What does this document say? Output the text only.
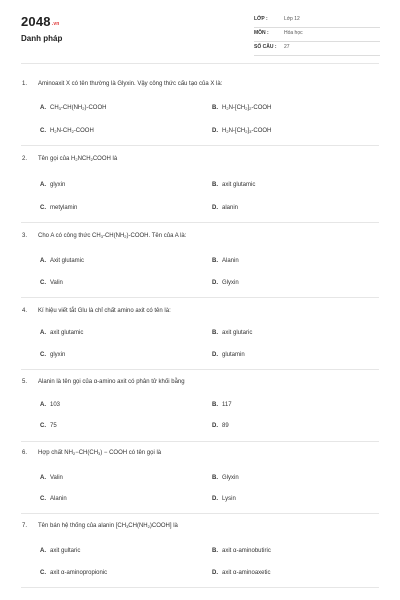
$2048_{.vn}$
Danh pháp
LỚP :	Lớp 12
MÔN :	Hóa học
SỐ CÂU : 27
1. Aminoaxit X có tên thường là Glyxin. Vậy công thức cấu tạo của X là:
A. $CH_3-CH(NH_2)$-COOH	B. $H_2N-[CH_2]_2$-COOH
C. $H_2N-CH_2$-COOH	D. $H_2N-[CH_2]_3$-COOH
2. Tên gọi của $H_2NCH_2COOH$ là
A. glyxin	B. axit glutamic
C. metylamin	D. alanin
3. Cho A có công thức $CH_3-CH(NH_2)$-COOH. Tên của A là:
A. Axit glutamic	B. Alanin
C. Valin	D. Glyxin
4. Kí hiệu viết tắt Glu là chỉ chất amino axit có tên là:
A. axit glutamic	B. axit glutaric
C. glyxin	D. glutamin
5. Alanin là tên gọi của α-amino axit có phân tử khối bằng
A. 103	B. 117
C. 75	D. 89
6. Hợp chất $NH_2-CH(CH_3)$ − COOH có tên gọi là
A. Valin	B. Glyxin
C. Alanin	D. Lysin
7. Tên bán hệ thống của alanin $[CH_3CH(NH_2)COOH]$ là
A. axit gultaric	B. axit α-aminobutiric
C. axit α-aminopropionic	D. axit α-aminoaxetic
